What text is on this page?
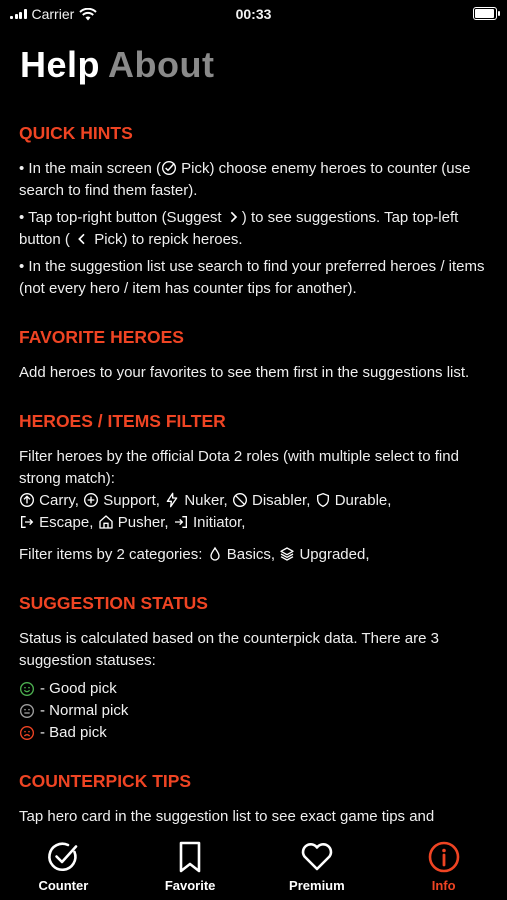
Carrier	00:33
Help About
QUICK HINTS

• In the main screen ( Pick) choose enemy heroes to counter (use search to find them faster).

• Tap top-right button (Suggest ) to see suggestions. Tap top-left button (  Pick) to repick heroes.

• In the suggestion list use search to find your preferred heroes / items (not every hero / item has counter tips for another).

FAVORITE HEROES

Add heroes to your favorites to see them first in the suggestions list.

HEROES / ITEMS FILTER

Filter heroes by the official Dota 2 roles (with multiple select to find strong match):

Carry, Support, Nuker, Disabler, Durable,

Escape, Pusher, Initiator,

Filter items by 2 categories: Basics, Upgraded,

SUGGESTION STATUS

Status is calculated based on the counterpick data. There are 3 suggestion statuses:

- Good pick
- Normal pick
- Bad pick
COUNTERPICK TIPS

Tap hero card in the suggestion list to see exact game tips and

Counter	Favorite	Premium	Info
